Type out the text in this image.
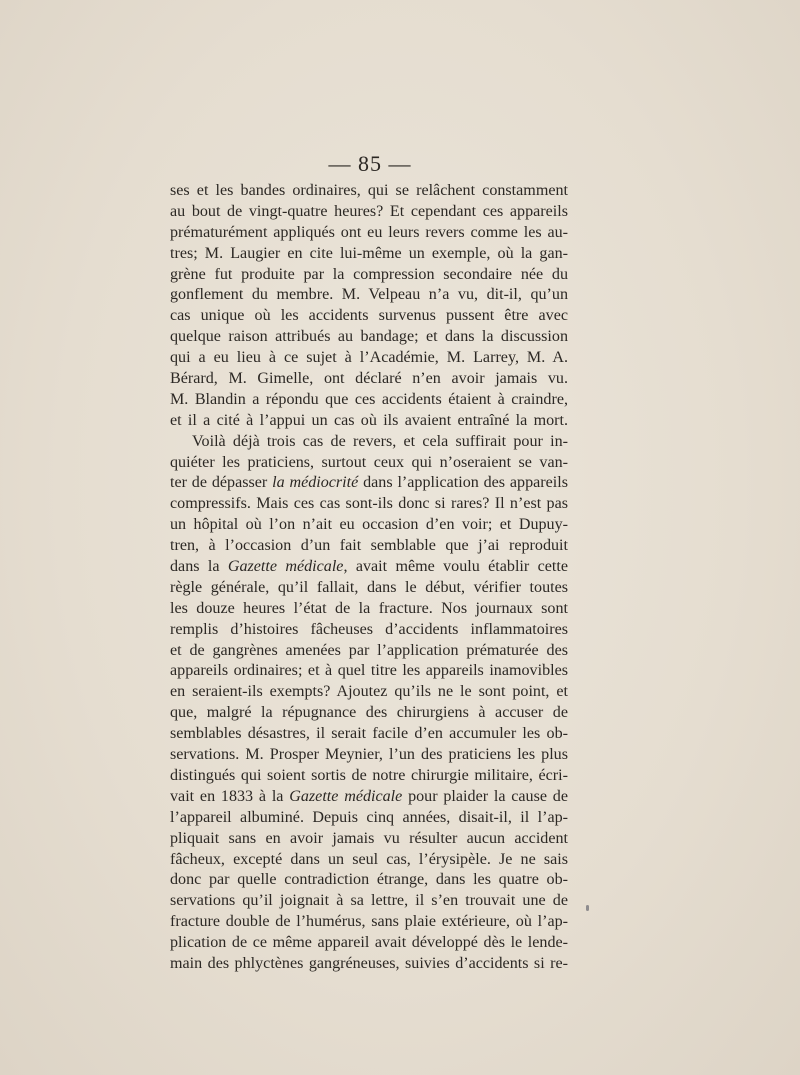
— 85 —
ses et les bandes ordinaires, qui se relâchent constamment
au bout de vingt-quatre heures? Et cependant ces appareils
prématurément appliqués ont eu leurs revers comme les au-
tres; M. Laugier en cite lui-même un exemple, où la gan-
grène fut produite par la compression secondaire née du
gonflement du membre. M. Velpeau n’a vu, dit-il, qu’un
cas unique où les accidents survenus pussent être avec
quelque raison attribués au bandage; et dans la discussion
qui a eu lieu à ce sujet à l’Académie, M. Larrey, M. A.
Bérard, M. Gimelle, ont déclaré n’en avoir jamais vu.
M. Blandin a répondu que ces accidents étaient à craindre,
et il a cité à l’appui un cas où ils avaient entraîné la mort.
Voilà déjà trois cas de revers, et cela suffirait pour in-
quiéter les praticiens, surtout ceux qui n’oseraient se van-
ter de dépasser la médiocrité dans l’application des appareils
compressifs. Mais ces cas sont-ils donc si rares? Il n’est pas
un hôpital où l’on n’ait eu occasion d’en voir; et Dupuy-
tren, à l’occasion d’un fait semblable que j’ai reproduit
dans la Gazette médicale, avait même voulu établir cette
règle générale, qu’il fallait, dans le début, vérifier toutes
les douze heures l’état de la fracture. Nos journaux sont
remplis d’histoires fâcheuses d’accidents inflammatoires
et de gangrènes amenées par l’application prématurée des
appareils ordinaires; et à quel titre les appareils inamovibles
en seraient-ils exempts? Ajoutez qu’ils ne le sont point, et
que, malgré la répugnance des chirurgiens à accuser de
semblables désastres, il serait facile d’en accumuler les ob-
servations. M. Prosper Meynier, l’un des praticiens les plus
distingués qui soient sortis de notre chirurgie militaire, écri-
vait en 1833 à la Gazette médicale pour plaider la cause de
l’appareil albuminé. Depuis cinq années, disait-il, il l’ap-
pliquait sans en avoir jamais vu résulter aucun accident
fâcheux, excepté dans un seul cas, l’érysipèle. Je ne sais
donc par quelle contradiction étrange, dans les quatre ob-
servations qu’il joignait à sa lettre, il s’en trouvait une de
fracture double de l’humérus, sans plaie extérieure, où l’ap-
plication de ce même appareil avait développé dès le lende-
main des phlyctènes gangréneuses, suivies d’accidents si re-
